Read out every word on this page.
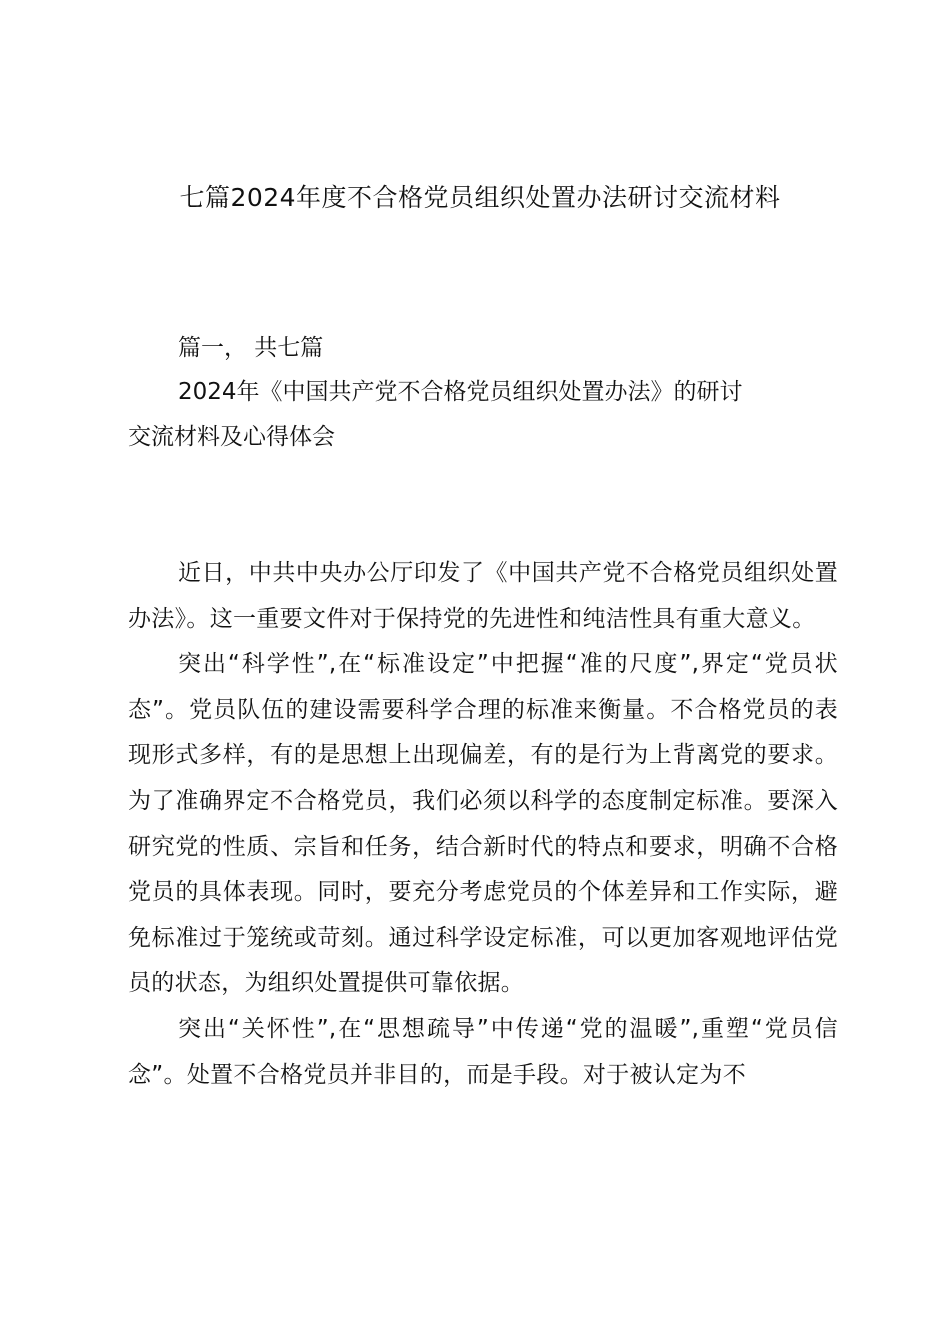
七篇2024年度不合格党员组织处置办法研讨交流材料
篇一， 共七篇
2024年《中国共产党不合格党员组织处置办法》的研讨
交流材料及心得体会

近日，中共中央办公厅印发了《中国共产党不合格党员组织处置办法》。这一重要文件对于保持党的先进性和纯洁性具有重大意义。

突出“科学性”,在“标准设定”中把握“准的尺度”,界定“党员状态”。党员队伍的建设需要科学合理的标准来衡量。不合格党员的表现形式多样，有的是思想上出现偏差，有的是行为上背离党的要求。为了准确界定不合格党员，我们必须以科学的态度制定标准。要深入研究党的性质、宗旨和任务，结合新时代的特点和要求，明确不合格党员的具体表现。同时，要充分考虑党员的个体差异和工作实际，避免标准过于笼统或苛刻。通过科学设定标准，可以更加客观地评估党员的状态，为组织处置提供可靠依据。

突出“关怀性”,在“思想疏导”中传递“党的温暖”,重塑“党员信念”。处置不合格党员并非目的，而是手段。对于被认定为不
